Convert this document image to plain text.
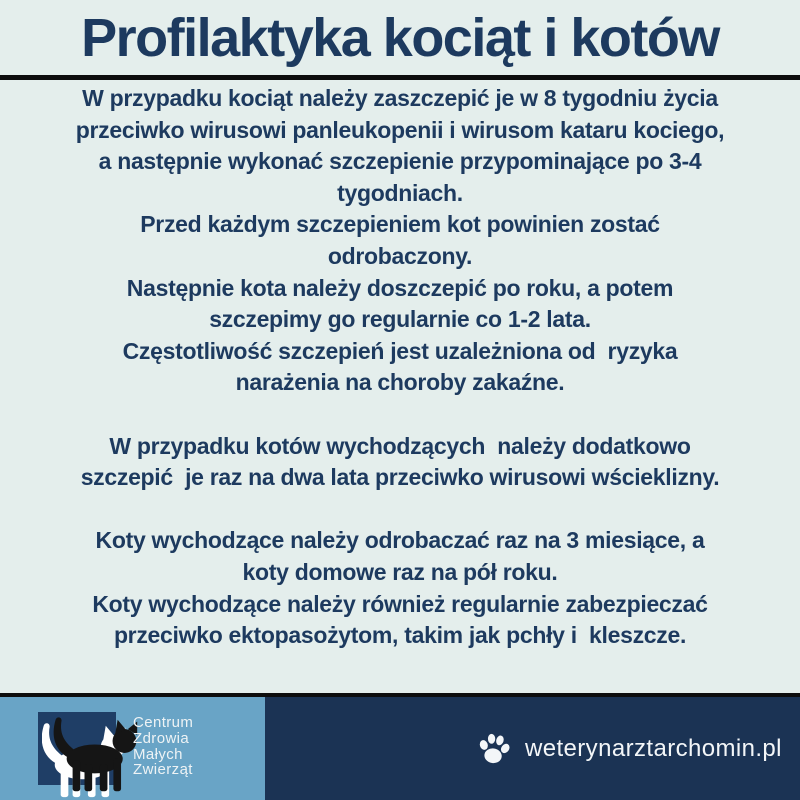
Profilaktyka kociąt i kotów
W przypadku kociąt należy zaszczepić je w 8 tygodniu życia
przeciwko wirusowi panleukopenii i wirusom kataru kociego,
a następnie wykonać szczepienie przypominające po 3-4
tygodniach.
Przed każdym szczepieniem kot powinien zostać
odrobaczony.
Następnie kota należy doszczepić po roku, a potem
szczepimy go regularnie co 1-2 lata.
Częstotliwość szczepień jest uzależniona od  ryzyka
narażenia na choroby zakaźne.

W przypadku kotów wychodzących  należy dodatkowo
szczepić  je raz na dwa lata przeciwko wirusowi wścieklizny.

Koty wychodzące należy odrobaczać raz na 3 miesiące, a
koty domowe raz na pół roku.
Koty wychodzące należy również regularnie zabezpieczać
przeciwko ektopasożytom, takim jak pchły i  kleszcze.
Centrum
Zdrowia
Małych
Zwierząt
weterynarztarchomin.pl
